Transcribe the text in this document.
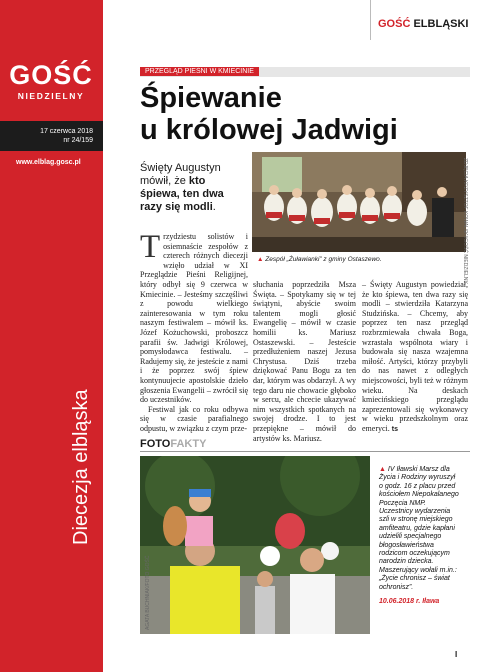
GOŚĆ
NIEDZIELNY
17 czerwca 2018
nr 24/159
www.elblag.gosc.pl
Diecezja elbląska
GOŚĆ ELBLĄSKI
PRZEGLĄD PIEŚNI W KMIECINIE
Śpiewanie
u królowej Jadwigi
Święty Augustyn mówił, że kto śpiewa, ten dwa razy się modli.	ZDJĘCIA KRZYSZTOF KOWALSKI/GOŚĆ NIEDZIELNY
▲ Zespół „Żuławianki” z gminy Ostaszewo.
Trzydziestu solistów i osiemnaście zespołów z czterech różnych diecezji wzięło udział w XI Przeglądzie Pieśni Religijnej, który odbył się 9 czerwca w Kmiecinie. – Jesteśmy szczęśliwi z powodu wielkiego zainteresowania w tym roku naszym festiwalem – mówił ks. Józef Kożuchowski, proboszcz parafii św. Jadwigi Królowej, pomysłodawca festiwalu. – Radujemy się, że jesteście z nami i że poprzez swój śpiew kontynuujecie apostolskie dzieło głoszenia Ewangelii – zwrócił się do uczestników.
Festiwal jak co roku odbywa się w czasie parafialnego odpustu, w związku z czym prze-
słuchania poprzedziła Msza Święta. – Spotykamy się w tej świątyni, abyście swoim talentem mogli głosić Ewangelię – mówił w czasie homilii ks. Mariusz Ostaszewski. – Jesteście przedłużeniem naszej Jezusa Chrystusa. Dziś trzeba dziękować Panu Bogu za ten dar, którym was obdarzył. A wy tego daru nie chowacie głęboko w sercu, ale chcecie ukazywać nim wszystkich spotkanych na swojej drodze. I to jest przepiękne – mówił do artystów ks. Mariusz.
– Święty Augustyn powiedział, że kto śpiewa, ten dwa razy się modli – stwierdziła Katarzyna Studzińska. – Chcemy, aby poprzez ten nasz przegląd rozbrzmiewała chwała Boga, wzrastała wspólnota wiary i budowała się nasza wzajemna miłość. Artyści, którzy przybyli do nas nawet z odległych miejscowości, byli też w różnym wieku. Na deskach kmiecińskiego przeglądu zaprezentowali się wykonawcy w wieku przedszkolnym oraz emeryci. ts
FOTOFAKTY
AGATA BUCHNIAK/FOTO GOŚĆ
▲ IV Iławski Marsz dla Życia i Rodziny wyruszył o godz. 16 z placu przed kościołem Niepokalanego Poczęcia NMP. Uczestnicy wydarzenia szli w stronę miejskiego amfiteatru, gdzie kapłani udzielili specjalnego błogosławieństwa rodzicom oczekującym narodzin dziecka. Maszerujący wołali m.in.: „Życie chronisz – świat ochronisz”.
10.06.2018 r. Iława
I
